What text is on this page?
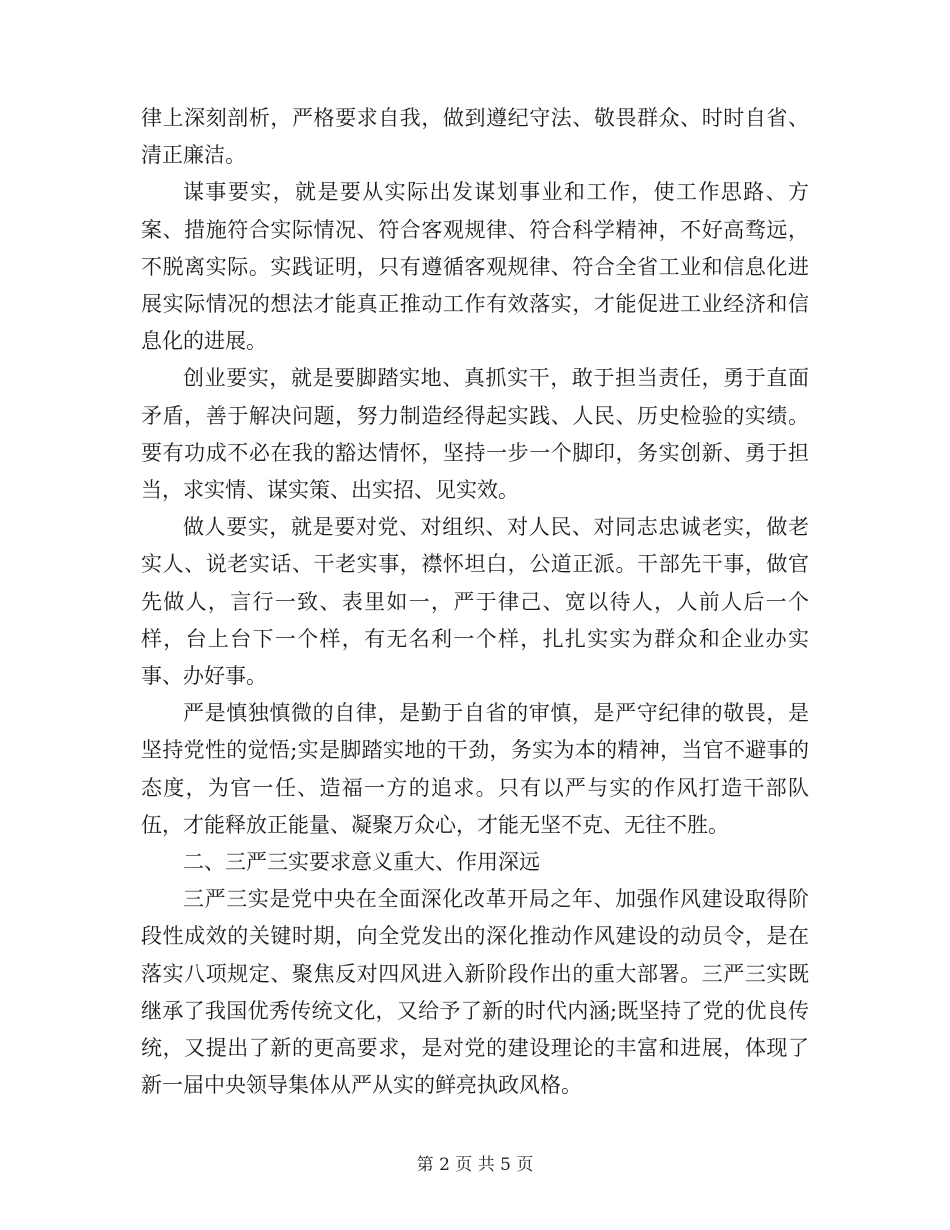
律上深刻剖析，严格要求自我，做到遵纪守法、敬畏群众、时时自省、清正廉洁。

谋事要实，就是要从实际出发谋划事业和工作，使工作思路、方案、措施符合实际情况、符合客观规律、符合科学精神，不好高骛远，不脱离实际。实践证明，只有遵循客观规律、符合全省工业和信息化进展实际情况的想法才能真正推动工作有效落实，才能促进工业经济和信息化的进展。

创业要实，就是要脚踏实地、真抓实干，敢于担当责任，勇于直面矛盾，善于解决问题，努力制造经得起实践、人民、历史检验的实绩。要有功成不必在我的豁达情怀，坚持一步一个脚印，务实创新、勇于担当，求实情、谋实策、出实招、见实效。

做人要实，就是要对党、对组织、对人民、对同志忠诚老实，做老实人、说老实话、干老实事，襟怀坦白，公道正派。干部先干事，做官先做人，言行一致、表里如一，严于律己、宽以待人，人前人后一个样，台上台下一个样，有无名利一个样，扎扎实实为群众和企业办实事、办好事。

严是慎独慎微的自律，是勤于自省的审慎，是严守纪律的敬畏，是坚持党性的觉悟;实是脚踏实地的干劲，务实为本的精神，当官不避事的态度，为官一任、造福一方的追求。只有以严与实的作风打造干部队伍，才能释放正能量、凝聚万众心，才能无坚不克、无往不胜。

二、三严三实要求意义重大、作用深远

三严三实是党中央在全面深化改革开局之年、加强作风建设取得阶段性成效的关键时期，向全党发出的深化推动作风建设的动员令，是在落实八项规定、聚焦反对四风进入新阶段作出的重大部署。三严三实既继承了我国优秀传统文化，又给予了新的时代内涵;既坚持了党的优良传统，又提出了新的更高要求，是对党的建设理论的丰富和进展，体现了新一届中央领导集体从严从实的鲜亮执政风格。

第 2 页 共 5 页
